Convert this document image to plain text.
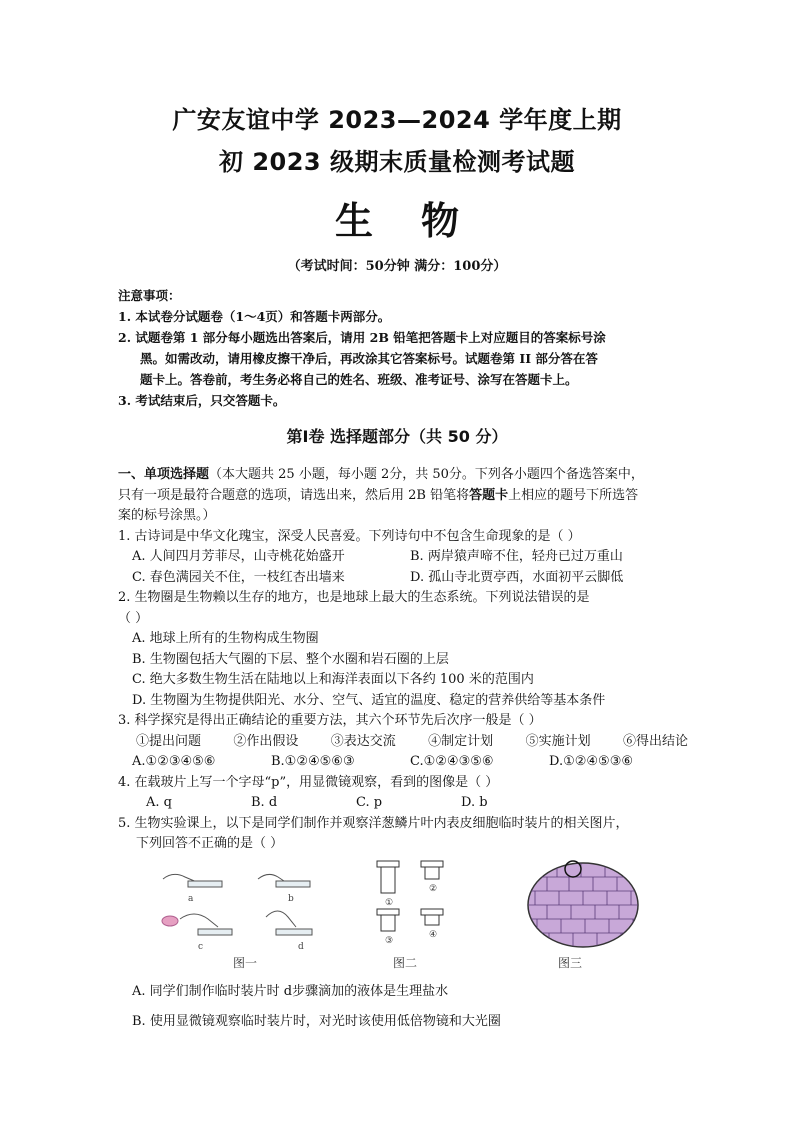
广安友谊中学 2023—2024 学年度上期
初 2023 级期末质量检测考试题
生物
（考试时间：50分钟 满分：100分）
注意事项：
1. 本试卷分试题卷（1～4页）和答题卡两部分。
2. 试题卷第 1 部分每小题选出答案后，请用 2B 铅笔把答题卡上对应题目的答案标号涂
黑。如需改动，请用橡皮擦干净后，再改涂其它答案标号。试题卷第 II 部分答在答
题卡上。答卷前，考生务必将自己的姓名、班级、准考证号、涂写在答题卡上。
3. 考试结束后，只交答题卡。
第Ⅰ卷 选择题部分（共 50 分）
一、单项选择题（本大题共 25 小题，每小题 2分，共 50分。下列各小题四个备选答案中，
只有一项是最符合题意的选项，请选出来，然后用 2B 铅笔将答题卡上相应的题号下所选答
案的标号涂黑。）
1. 古诗词是中华文化瑰宝，深受人民喜爱。下列诗句中不包含生命现象的是（ ）
A. 人间四月芳菲尽，山寺桃花始盛开	B. 两岸猿声啼不住，轻舟已过万重山
C. 春色满园关不住，一枝红杏出墙来	D. 孤山寺北贾亭西，水面初平云脚低
2. 生物圈是生物赖以生存的地方，也是地球上最大的生态系统。下列说法错误的是
（ ）
A. 地球上所有的生物构成生物圈
B. 生物圈包括大气圈的下层、整个水圈和岩石圈的上层
C. 绝大多数生物生活在陆地以上和海洋表面以下各约 100 米的范围内
D. 生物圈为生物提供阳光、水分、空气、适宜的温度、稳定的营养供给等基本条件
3. 科学探究是得出正确结论的重要方法，其六个环节先后次序一般是（ ）
①提出问题 ②作出假设 ③表达交流 ④制定计划 ⑤实施计划 ⑥得出结论
A.①②③④⑤⑥	B.①②④⑤⑥③	C.①②④③⑤⑥	D.①②④⑤③⑥
4. 在载玻片上写一个字母“p”，用显微镜观察，看到的图像是（ ）
A. q	B. d	C. p	D. b
5. 生物实验课上，以下是同学们制作并观察洋葱鳞片叶内表皮细胞临时装片的相关图片，
下列回答不正确的是（ ）
a	b
c	d
图一
①
②
③
④
图二	图三
A. 同学们制作临时装片时 d步骤滴加的液体是生理盐水
B. 使用显微镜观察临时装片时，对光时该使用低倍物镜和大光圈
